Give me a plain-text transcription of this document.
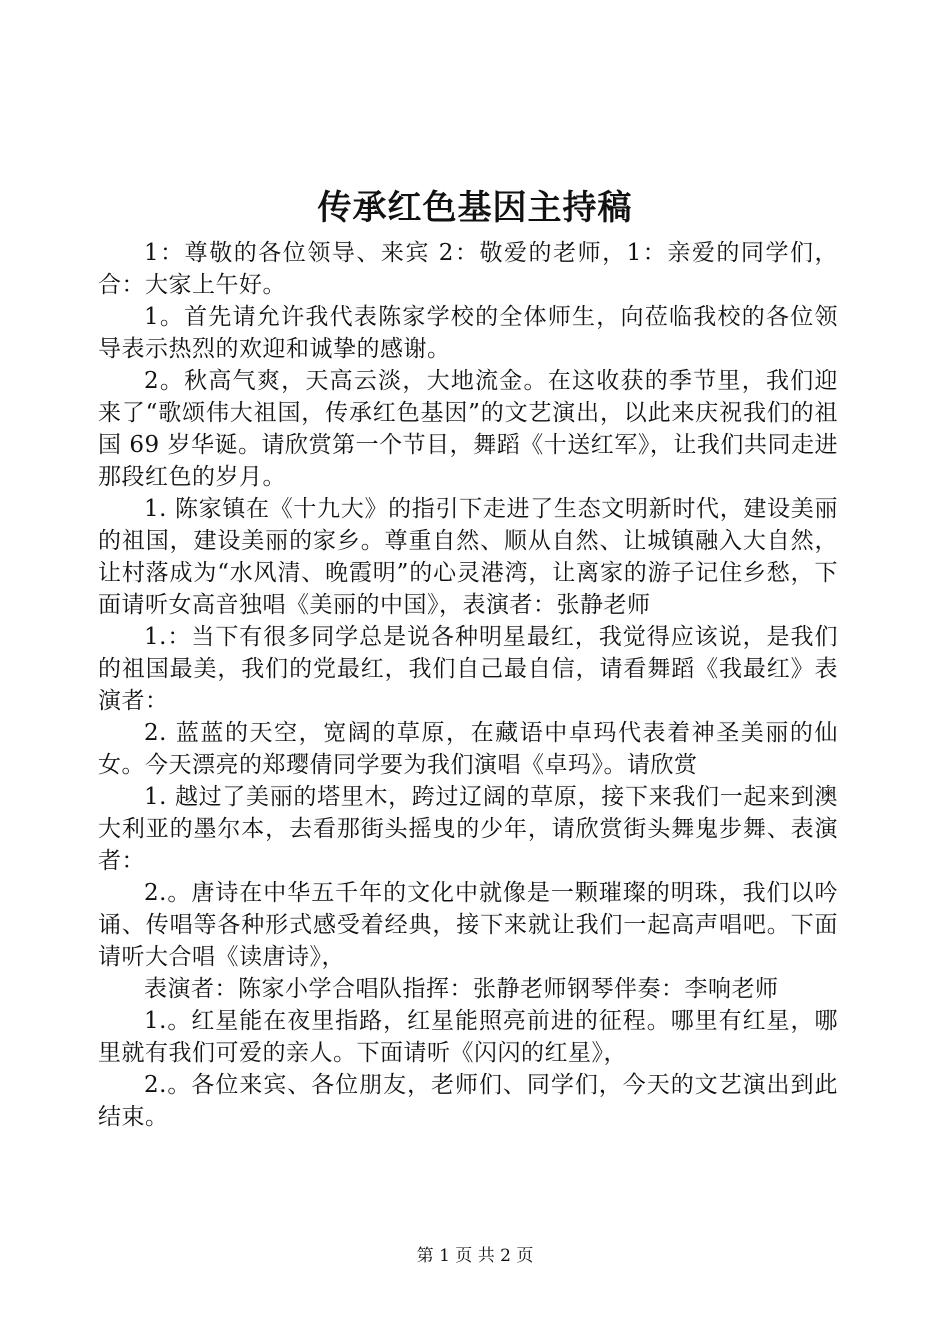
传承红色基因主持稿

1：尊敬的各位领导、来宾 2：敬爱的老师，1：亲爱的同学们，合：大家上午好。

1。首先请允许我代表陈家学校的全体师生，向莅临我校的各位领导表示热烈的欢迎和诚挚的感谢。

2。秋高气爽，天高云淡，大地流金。在这收获的季节里，我们迎来了“歌颂伟大祖国，传承红色基因”的文艺演出，以此来庆祝我们的祖国 69 岁华诞。请欣赏第一个节目，舞蹈《十送红军》，让我们共同走进那段红色的岁月。

1. 陈家镇在《十九大》的指引下走进了生态文明新时代，建设美丽的祖国，建设美丽的家乡。尊重自然、顺从自然、让城镇融入大自然，让村落成为“水风清、晚霞明”的心灵港湾，让离家的游子记住乡愁，下面请听女高音独唱《美丽的中国》，表演者：张静老师

1.：当下有很多同学总是说各种明星最红，我觉得应该说，是我们的祖国最美，我们的党最红，我们自己最自信，请看舞蹈《我最红》表演者：

2. 蓝蓝的天空，宽阔的草原，在藏语中卓玛代表着神圣美丽的仙女。今天漂亮的郑璎倩同学要为我们演唱《卓玛》。请欣赏

1. 越过了美丽的塔里木，跨过辽阔的草原，接下来我们一起来到澳大利亚的墨尔本，去看那街头摇曳的少年，请欣赏街头舞鬼步舞、表演者：

2.。唐诗在中华五千年的文化中就像是一颗璀璨的明珠，我们以吟诵、传唱等各种形式感受着经典，接下来就让我们一起高声唱吧。下面请听大合唱《读唐诗》，

表演者：陈家小学合唱队指挥：张静老师钢琴伴奏：李响老师

1.。红星能在夜里指路，红星能照亮前进的征程。哪里有红星，哪里就有我们可爱的亲人。下面请听《闪闪的红星》，

2.。各位来宾、各位朋友，老师们、同学们，今天的文艺演出到此结束。

第 1 页 共 2 页
